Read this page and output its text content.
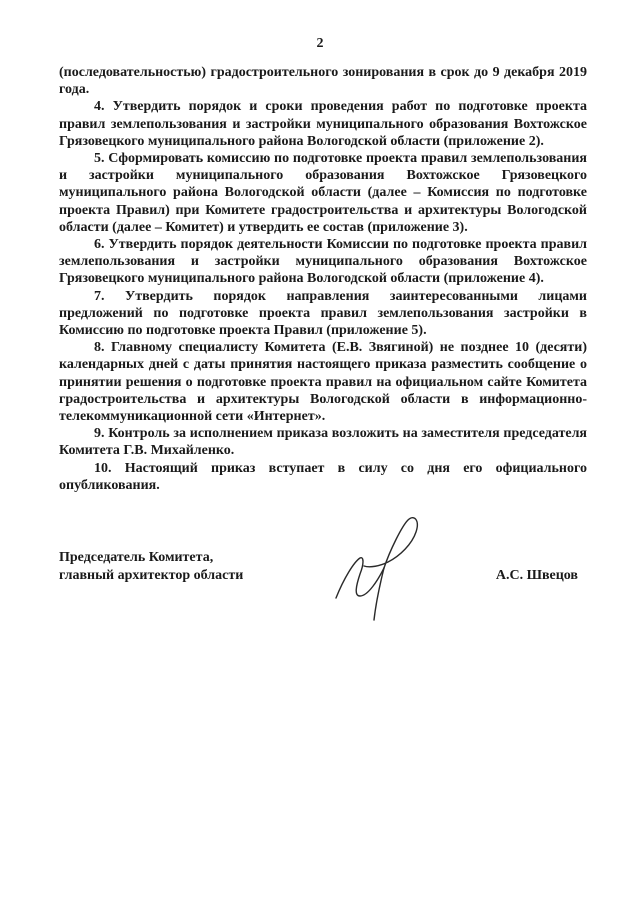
2

(последовательностью) градостроительного зонирования в срок до 9 декабря 2019 года.

4. Утвердить порядок и сроки проведения работ по подготовке проекта правил землепользования и застройки муниципального образования Вохтожское Грязовецкого муниципального района Вологодской области (приложение 2).

5. Сформировать комиссию по подготовке проекта правил землепользования и застройки муниципального образования Вохтожское Грязовецкого муниципального района Вологодской области (далее – Комиссия по подготовке проекта Правил) при Комитете градостроительства и архитектуры Вологодской области (далее – Комитет) и утвердить ее состав (приложение 3).

6. Утвердить порядок деятельности Комиссии по подготовке проекта правил землепользования и застройки муниципального образования Вохтожское Грязовецкого муниципального района Вологодской области (приложение 4).

7. Утвердить порядок направления заинтересованными лицами предложений по подготовке проекта правил землепользования застройки в Комиссию по подготовке проекта Правил (приложение 5).

8. Главному специалисту Комитета (Е.В. Звягиной) не позднее 10 (десяти) календарных дней с даты принятия настоящего приказа разместить сообщение о принятии решения о подготовке проекта правил на официальном сайте Комитета градостроительства и архитектуры Вологодской области в информационно-телекоммуникационной сети «Интернет».

9. Контроль за исполнением приказа возложить на заместителя председателя Комитета Г.В. Михайленко.

10. Настоящий приказ вступает в силу со дня его официального опубликования.

Председатель Комитета,
главный архитектор области	А.С. Швецов
